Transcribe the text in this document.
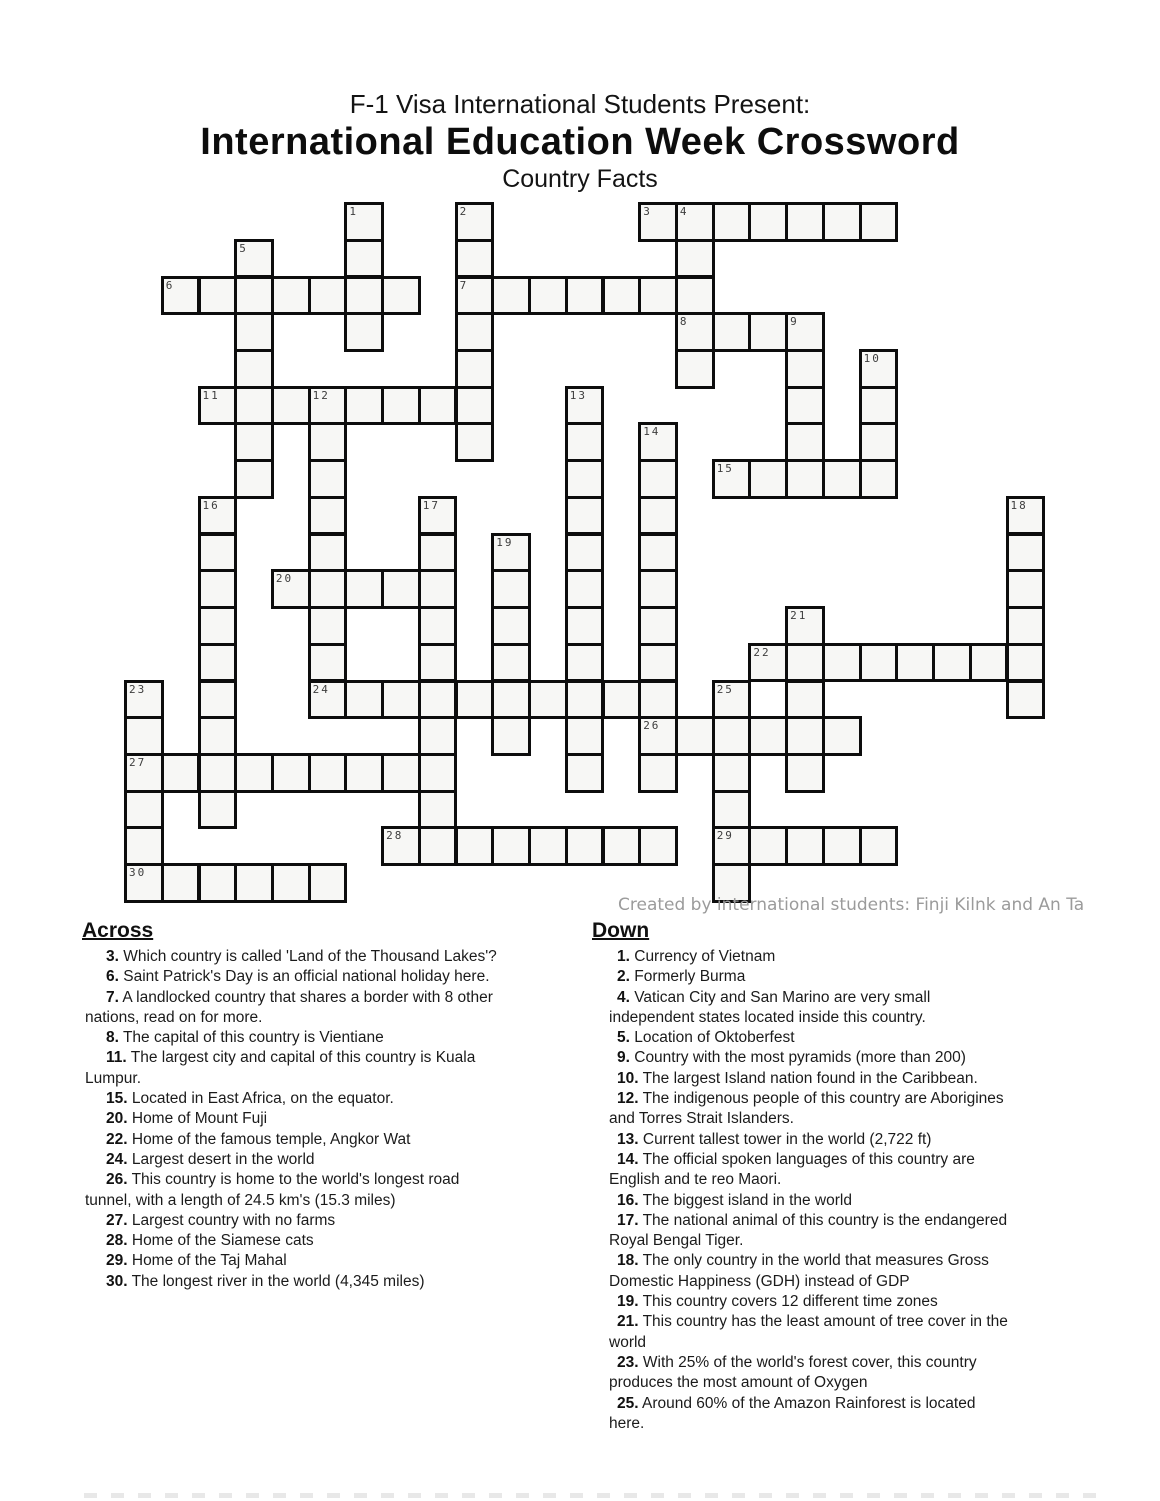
F-1 Visa International Students Present:
International Education Week Crossword
Country Facts
1	2	3	4
5
6	7
8	9
10
11	12	13
14
15
16	17	18
19
20
21
22
23	24	25
26
27
28	29
30
Created by international students: Finji Kilnk and An Ta
Across

3. Which country is called 'Land of the Thousand Lakes'?

6. Saint Patrick's Day is an official national holiday here.

7. A landlocked country that shares a border with 8 other
nations, read on for more.

8. The capital of this country is Vientiane

11. The largest city and capital of this country is Kuala
Lumpur.

15. Located in East Africa, on the equator.

20. Home of Mount Fuji

22. Home of the famous temple, Angkor Wat

24. Largest desert in the world

26. This country is home to the world's longest road
tunnel, with a length of 24.5 km's (15.3 miles)

27. Largest country with no farms

28. Home of the Siamese cats

29. Home of the Taj Mahal

30. The longest river in the world (4,345 miles)

Down

1. Currency of Vietnam

2. Formerly Burma

4. Vatican City and San Marino are very small
independent states located inside this country.

5. Location of Oktoberfest

9. Country with the most pyramids (more than 200)

10. The largest Island nation found in the Caribbean.

12. The indigenous people of this country are Aborigines
and Torres Strait Islanders.

13. Current tallest tower in the world (2,722 ft)

14. The official spoken languages of this country are
English and te reo Maori.

16. The biggest island in the world

17. The national animal of this country is the endangered
Royal Bengal Tiger.

18. The only country in the world that measures Gross
Domestic Happiness (GDH) instead of GDP

19. This country covers 12 different time zones

21. This country has the least amount of tree cover in the
world

23. With 25% of the world's forest cover, this country
produces the most amount of Oxygen

25. Around 60% of the Amazon Rainforest is located
here.
